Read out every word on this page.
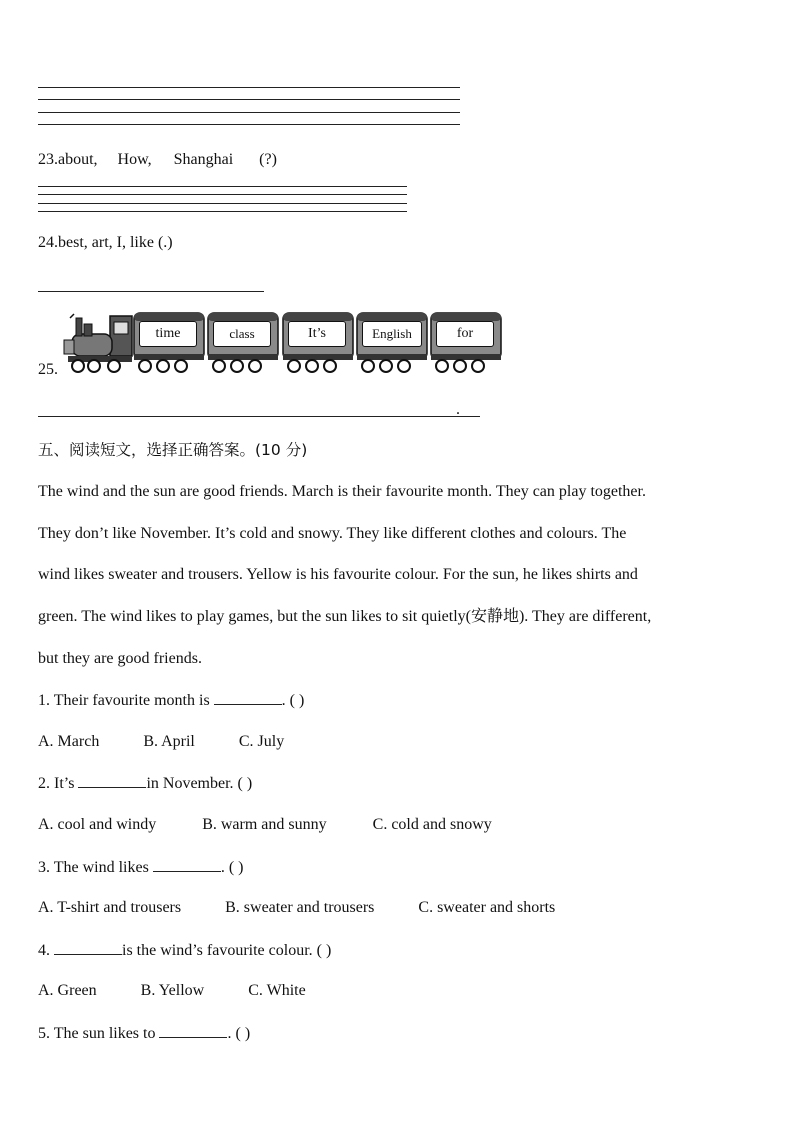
23.about, How, Shanghai (?)
24.best, art, I, like (.)
25.
time	class	It’s	English	for
.
五、阅读短文，选择正确答案。(10 分)
The wind and the sun are good friends. March is their favourite month. They can play together.
They don’t like November. It’s cold and snowy. They like different clothes and colours. The
wind likes sweater and trousers. Yellow is his favourite colour. For the sun, he likes shirts and
green. The wind likes to play games, but the sun likes to sit quietly(安静地). They are different,
but they are good friends.
1. Their favourite month is	. ( )
A. March	B. April	C. July
2. It’s	in November. ( )
A. cool and windy	B. warm and sunny	C. cold and snowy
3. The wind likes	. ( )
A. T-shirt and trousers	B. sweater and trousers	C. sweater and shorts
4.	is the wind’s favourite colour. ( )
A. Green	B. Yellow	C. White
5. The sun likes to	. ( )
